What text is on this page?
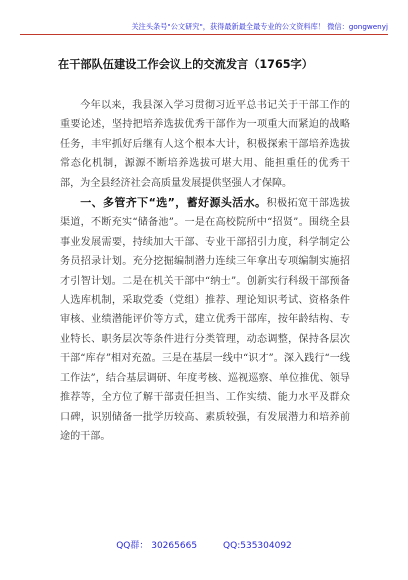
关注头条号"公文研究"，获得最新最全最专业的公文资料库！ 微信：gongwenyj
在干部队伍建设工作会议上的交流发言（1765字）

今年以来，我县深入学习贯彻习近平总书记关于干部工作的重要论述，坚持把培养选拔优秀干部作为一项重大而紧迫的战略任务，丰牢抓好后继有人这个根本大计，积极探索干部培养选拔常态化机制，源源不断培养选拔可堪大用、能担重任的优秀干部，为全县经济社会高质量发展提供坚强人才保障。

一、多管齐下“选”，蓄好源头活水。积极拓宽干部选拔渠道，不断充实“储备池”。一是在高校院所中“招贤”。围绕全县事业发展需要，持续加大干部、专业干部招引力度，科学制定公务员招录计划。充分挖掘编制潜力连续三年拿出专项编制实施招才引智计划。二是在机关干部中“纳士”。创新实行科级干部预备人选库机制，采取党委（党组）推荐、理论知识考试、资格条件审核、业绩潜能评价等方式，建立优秀干部库，按年龄结构、专业特长、职务层次等条件进行分类管理，动态调整，保持各层次干部“库存”相对充盈。三是在基层一线中“识才”。深入践行“一线工作法”，结合基层调研、年度考核、巡视巡察、单位推优、领导推荐等，全方位了解干部责任担当、工作实绩、能力水平及群众口碑，识别储备一批学历较高、素质较强，有发展潜力和培养前途的干部。

QQ群： 30265665	QQ:535304092
